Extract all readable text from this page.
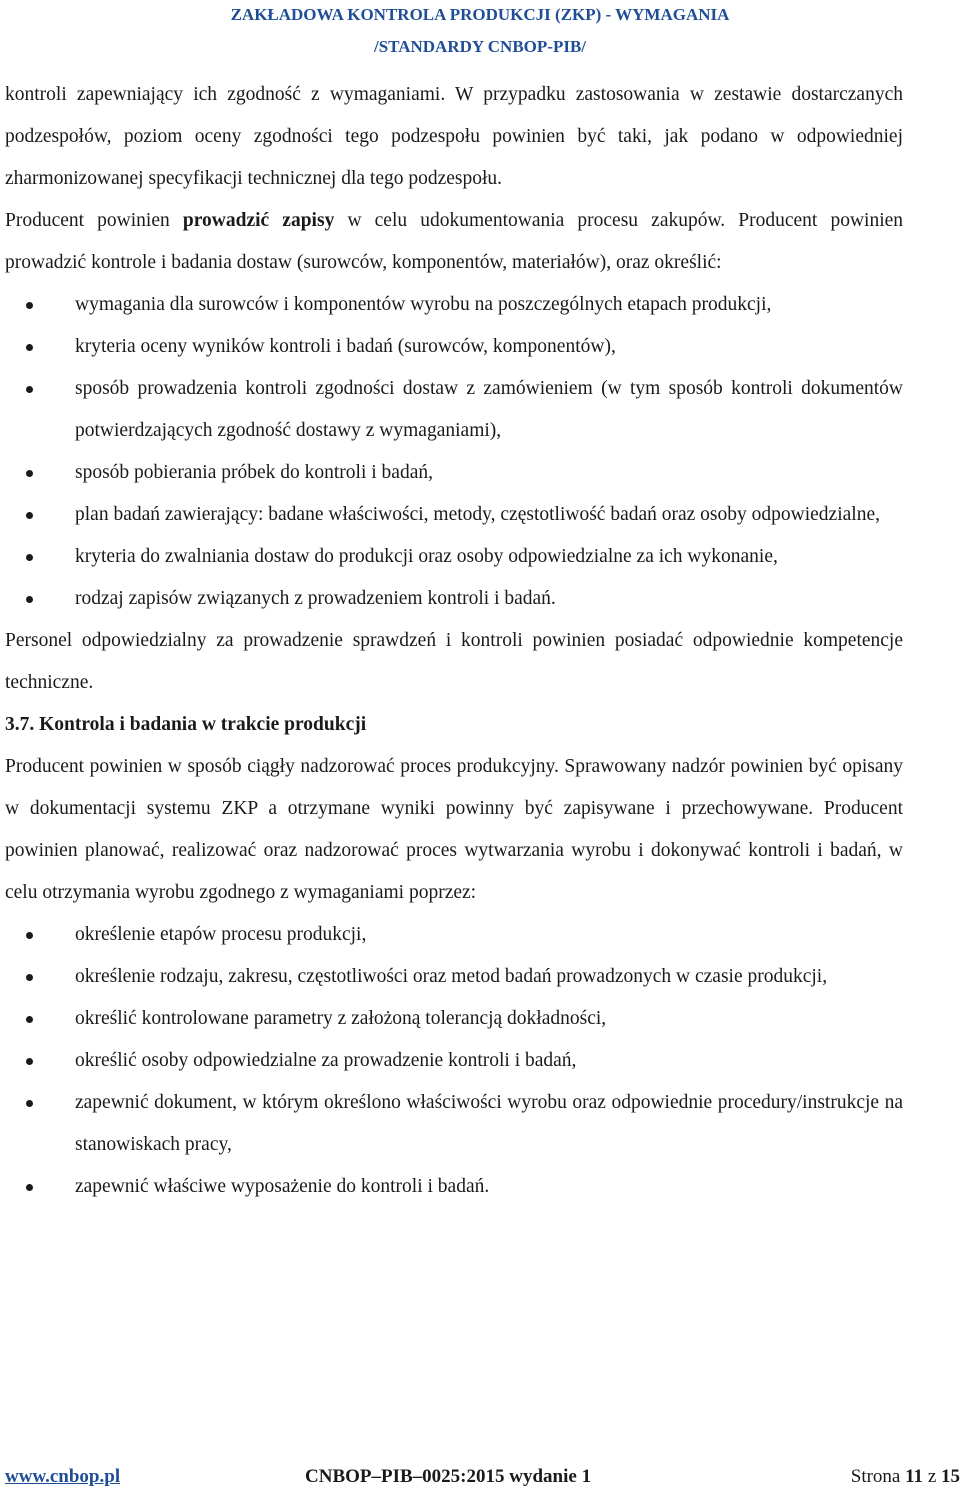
ZAKŁADOWA KONTROLA PRODUKCJI (ZKP) - WYMAGANIA
/STANDARDY CNBOP-PIB/

kontroli zapewniający ich zgodność z wymaganiami. W przypadku zastosowania w zestawie dostarczanych podzespołów, poziom oceny zgodności tego podzespołu powinien być taki, jak podano w odpowiedniej zharmonizowanej specyfikacji technicznej dla tego podzespołu.

Producent powinien prowadzić zapisy w celu udokumentowania procesu zakupów. Producent powinien prowadzić kontrole i badania dostaw (surowców, komponentów, materiałów), oraz określić:

wymagania dla surowców i komponentów wyrobu na poszczególnych etapach produkcji,
kryteria oceny wyników kontroli i badań (surowców, komponentów),
sposób prowadzenia kontroli zgodności dostaw z zamówieniem (w tym sposób kontroli dokumentów potwierdzających zgodność dostawy z wymaganiami),
sposób pobierania próbek do kontroli i badań,
plan badań zawierający: badane właściwości, metody, częstotliwość badań oraz osoby odpowiedzialne,
kryteria do zwalniania dostaw do produkcji oraz osoby odpowiedzialne za ich wykonanie,
rodzaj zapisów związanych z prowadzeniem kontroli i badań.

Personel odpowiedzialny za prowadzenie sprawdzeń i kontroli powinien posiadać odpowiednie kompetencje techniczne.

3.7. Kontrola i badania w trakcie produkcji

Producent powinien w sposób ciągły nadzorować proces produkcyjny. Sprawowany nadzór powinien być opisany w dokumentacji systemu ZKP a otrzymane wyniki powinny być zapisywane i przechowywane. Producent powinien planować, realizować oraz nadzorować proces wytwarzania wyrobu i dokonywać kontroli i badań, w celu otrzymania wyrobu zgodnego z wymaganiami poprzez:

określenie etapów procesu produkcji,
określenie rodzaju, zakresu, częstotliwości oraz metod badań prowadzonych w czasie produkcji,
określić kontrolowane parametry z założoną tolerancją dokładności,
określić osoby odpowiedzialne za prowadzenie kontroli i badań,
zapewnić dokument, w którym określono właściwości wyrobu oraz odpowiednie procedury/instrukcje na stanowiskach pracy,
zapewnić właściwe wyposażenie do kontroli i badań.
www.cnbop.pl	CNBOP–PIB–0025:2015 wydanie 1	Strona 11 z 15
